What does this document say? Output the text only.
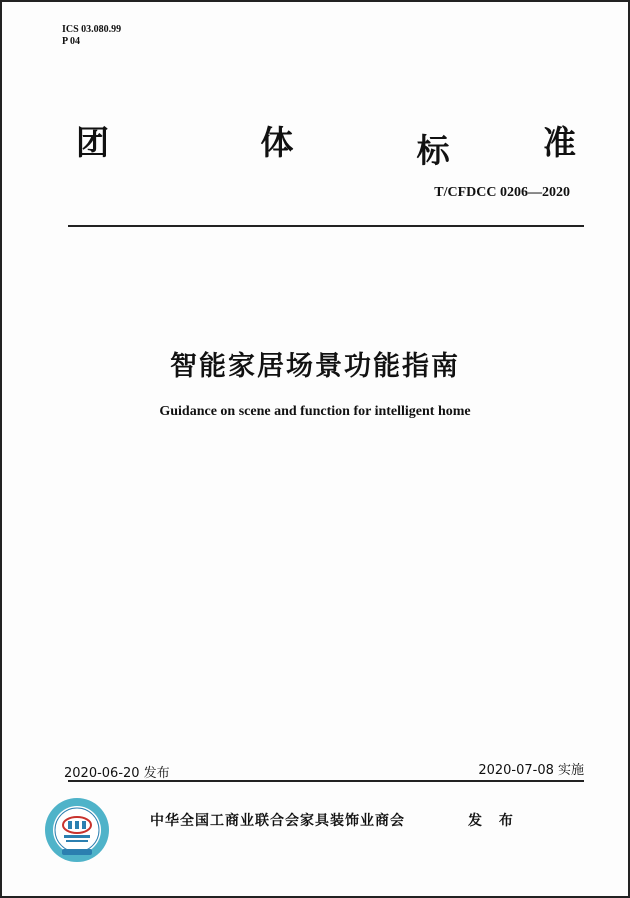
ICS 03.080.99
P 04
团	体	标	准
T/CFDCC 0206—2020
智能家居场景功能指南
Guidance on scene and function for intelligent home
2020-06-20 发布	2020-07-08 实施
中华全国工商业联合会家具装饰业商会	发 布
